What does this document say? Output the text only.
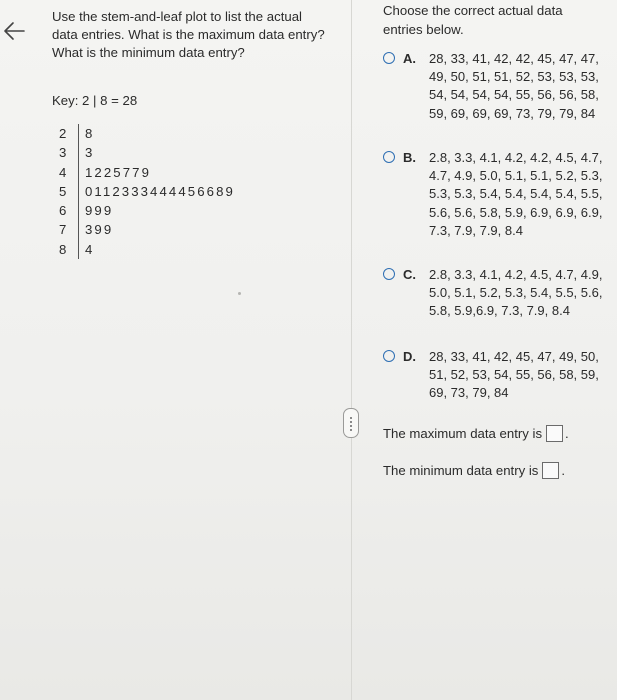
Use the stem-and-leaf plot to list the actual data entries. What is the maximum data entry? What is the minimum data entry?
Key: 2 | 8 = 28
2	8
3	3
4	1225779
5	0112333444456689
6	999
7	399
8	4
Choose the correct actual data entries below.
A. 28, 33, 41, 42, 42, 45, 47, 47, 49, 50, 51, 51, 52, 53, 53, 53, 54, 54, 54, 54, 55, 56, 56, 58, 59, 69, 69, 69, 73, 79, 79, 84
B. 2.8, 3.3, 4.1, 4.2, 4.2, 4.5, 4.7, 4.7, 4.9, 5.0, 5.1, 5.1, 5.2, 5.3, 5.3, 5.3, 5.4, 5.4, 5.4, 5.4, 5.5, 5.6, 5.6, 5.8, 5.9, 6.9, 6.9, 6.9, 7.3, 7.9, 7.9, 8.4
C. 2.8, 3.3, 4.1, 4.2, 4.5, 4.7, 4.9, 5.0, 5.1, 5.2, 5.3, 5.4, 5.5, 5.6, 5.8, 5.9,6.9, 7.3, 7.9, 8.4
D. 28, 33, 41, 42, 45, 47, 49, 50, 51, 52, 53, 54, 55, 56, 58, 59, 69, 73, 79, 84
The maximum data entry is .
The minimum data entry is .
